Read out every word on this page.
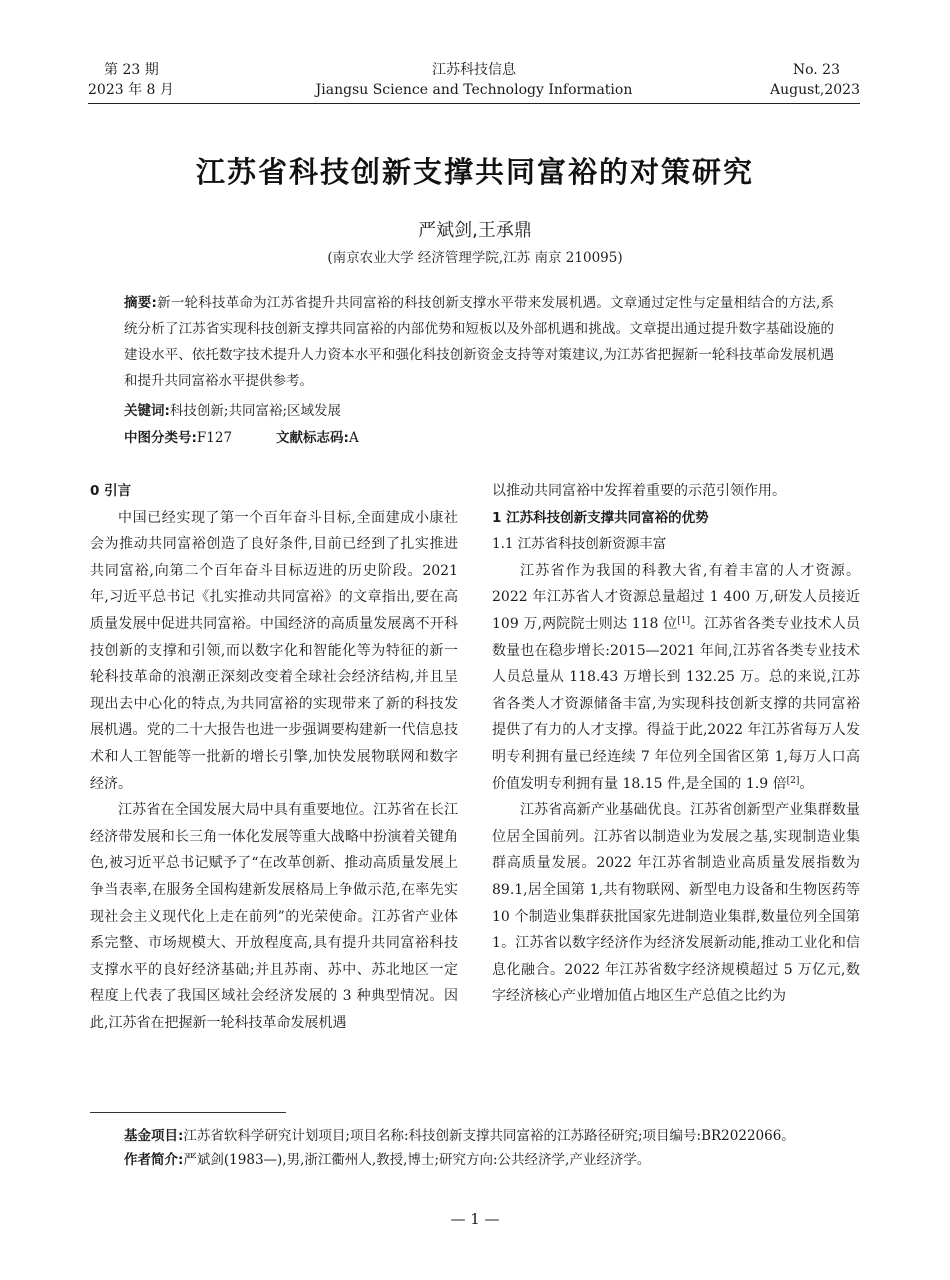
第 23 期
2023 年 8 月
江苏科技信息
Jiangsu Science and Technology Information
No. 23
August,2023
江苏省科技创新支撑共同富裕的对策研究
严斌剑,王承鼎
(南京农业大学 经济管理学院,江苏 南京 210095)
摘要:新一轮科技革命为江苏省提升共同富裕的科技创新支撑水平带来发展机遇。文章通过定性与定量相结合的方法,系统分析了江苏省实现科技创新支撑共同富裕的内部优势和短板以及外部机遇和挑战。文章提出通过提升数字基础设施的建设水平、依托数字技术提升人力资本水平和强化科技创新资金支持等对策建议,为江苏省把握新一轮科技革命发展机遇和提升共同富裕水平提供参考。
关键词:科技创新;共同富裕;区域发展
中图分类号:F127	文献标志码:A
0 引言

中国已经实现了第一个百年奋斗目标,全面建成小康社会为推动共同富裕创造了良好条件,目前已经到了扎实推进共同富裕,向第二个百年奋斗目标迈进的历史阶段。2021 年,习近平总书记《扎实推动共同富裕》的文章指出,要在高质量发展中促进共同富裕。中国经济的高质量发展离不开科技创新的支撑和引领,而以数字化和智能化等为特征的新一轮科技革命的浪潮正深刻改变着全球社会经济结构,并且呈现出去中心化的特点,为共同富裕的实现带来了新的科技发展机遇。党的二十大报告也进一步强调要构建新一代信息技术和人工智能等一批新的增长引擎,加快发展物联网和数字经济。

江苏省在全国发展大局中具有重要地位。江苏省在长江经济带发展和长三角一体化发展等重大战略中扮演着关键角色,被习近平总书记赋予了“在改革创新、推动高质量发展上争当表率,在服务全国构建新发展格局上争做示范,在率先实现社会主义现代化上走在前列”的光荣使命。江苏省产业体系完整、市场规模大、开放程度高,具有提升共同富裕科技支撑水平的良好经济基础;并且苏南、苏中、苏北地区一定程度上代表了我国区域社会经济发展的 3 种典型情况。因此,江苏省在把握新一轮科技革命发展机遇

以推动共同富裕中发挥着重要的示范引领作用。

1 江苏科技创新支撑共同富裕的优势
1.1 江苏省科技创新资源丰富

江苏省作为我国的科教大省,有着丰富的人才资源。2022 年江苏省人才资源总量超过 1 400 万,研发人员接近 109 万,两院院士则达 118 位[1]。江苏省各类专业技术人员数量也在稳步增长:2015—2021 年间,江苏省各类专业技术人员总量从 118.43 万增长到 132.25 万。总的来说,江苏省各类人才资源储备丰富,为实现科技创新支撑的共同富裕提供了有力的人才支撑。得益于此,2022 年江苏省每万人发明专利拥有量已经连续 7 年位列全国省区第 1,每万人口高价值发明专利拥有量 18.15 件,是全国的 1.9 倍[2]。

江苏省高新产业基础优良。江苏省创新型产业集群数量位居全国前列。江苏省以制造业为发展之基,实现制造业集群高质量发展。2022 年江苏省制造业高质量发展指数为 89.1,居全国第 1,共有物联网、新型电力设备和生物医药等 10 个制造业集群获批国家先进制造业集群,数量位列全国第 1。江苏省以数字经济作为经济发展新动能,推动工业化和信息化融合。2022 年江苏省数字经济规模超过 5 万亿元,数字经济核心产业增加值占地区生产总值之比约为

基金项目:江苏省软科学研究计划项目;项目名称:科技创新支撑共同富裕的江苏路径研究;项目编号:BR2022066。
作者简介:严斌剑(1983—),男,浙江衢州人,教授,博士;研究方向:公共经济学,产业经济学。
— 1 —
